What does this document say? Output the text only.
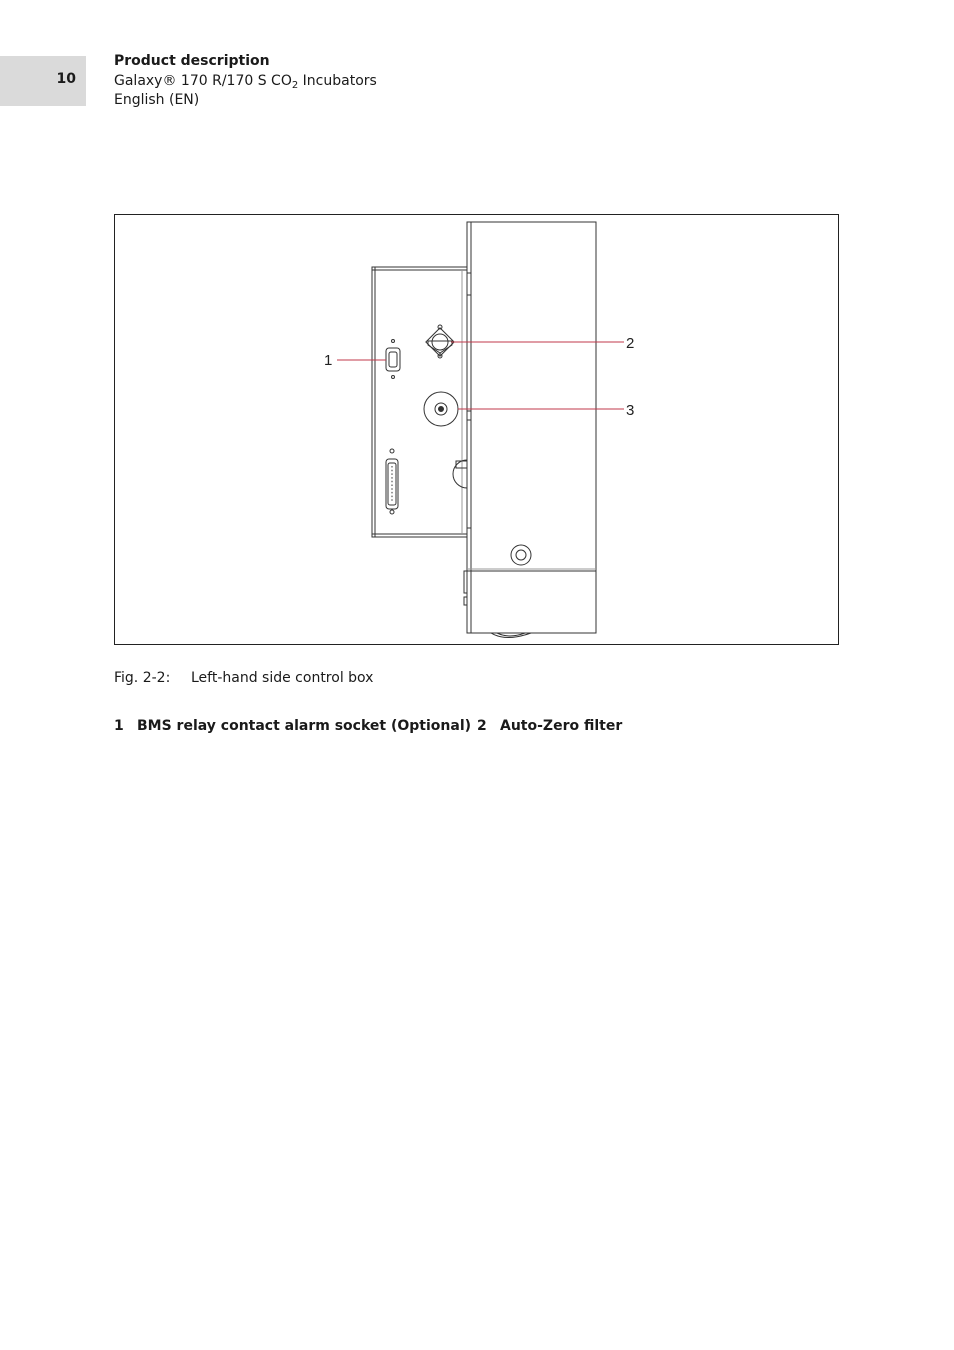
10
Product description
Galaxy® 170 R/170 S $CO_2$ Incubators
English (EN)
1
2
3
Fig. 2-2: Left-hand side control box
1 BMS relay contact alarm socket (Optional) 2 Auto-Zero filter
